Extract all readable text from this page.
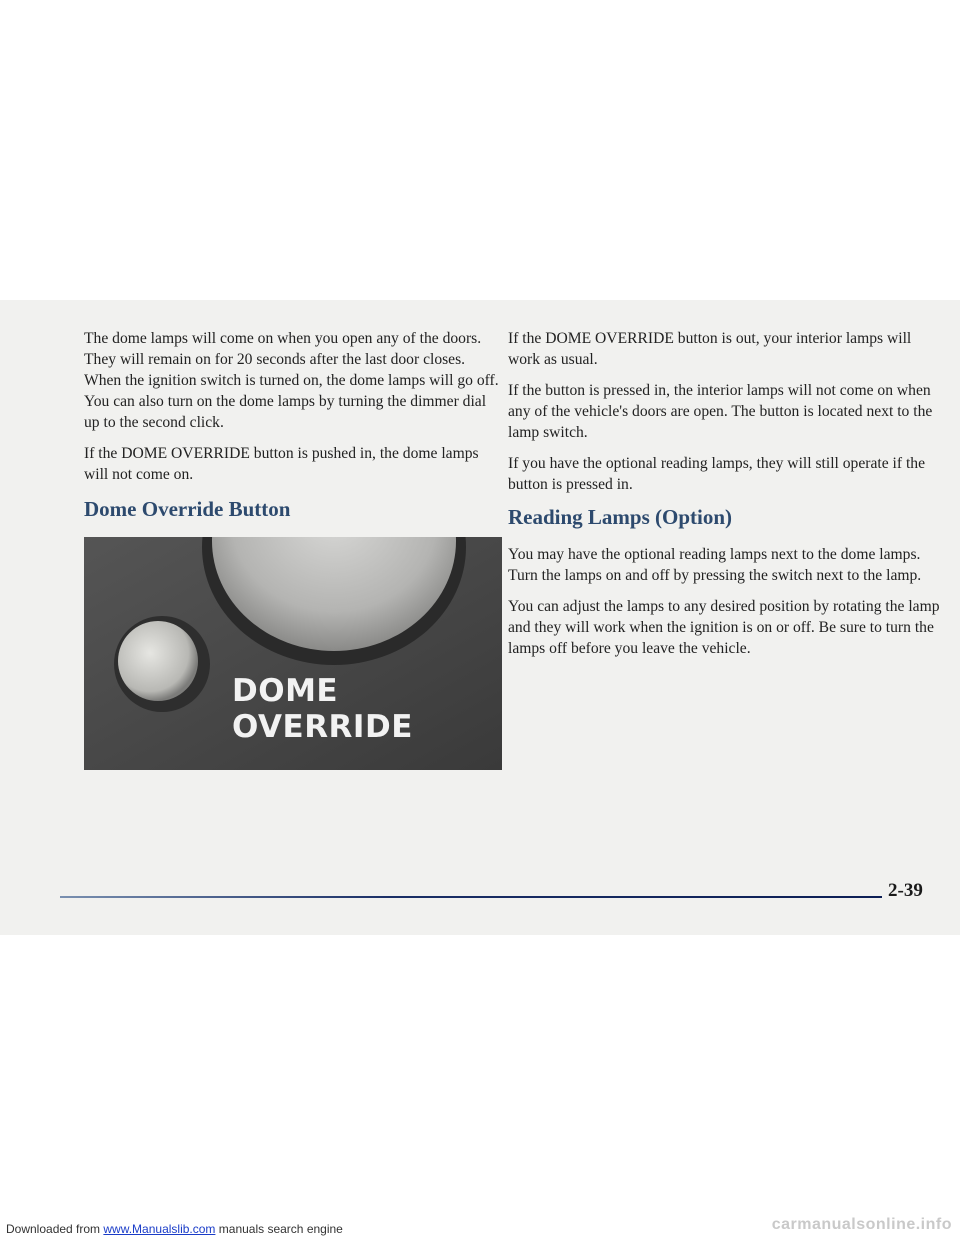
The dome lamps will come on when you open any of the doors. They will remain on for 20 seconds after the last door closes. When the ignition switch is turned on, the dome lamps will go off. You can also turn on the dome lamps by turning the dimmer dial up to the second click.

If the DOME OVERRIDE button is pushed in, the dome lamps will not come on.

Dome Override Button
DOME OVERRIDE

If the DOME OVERRIDE button is out, your interior lamps will work as usual.

If the button is pressed in, the interior lamps will not come on when any of the vehicle's doors are open. The button is located next to the lamp switch.

If you have the optional reading lamps, they will still operate if the button is pressed in.

Reading Lamps (Option)

You may have the optional reading lamps next to the dome lamps. Turn the lamps on and off by pressing the switch next to the lamp.

You can adjust the lamps to any desired position by rotating the lamp and they will work when the ignition is on or off. Be sure to turn the lamps off before you leave the vehicle.

2-39
Downloaded from www.Manualslib.com manuals search engine	carmanualsonline.info
